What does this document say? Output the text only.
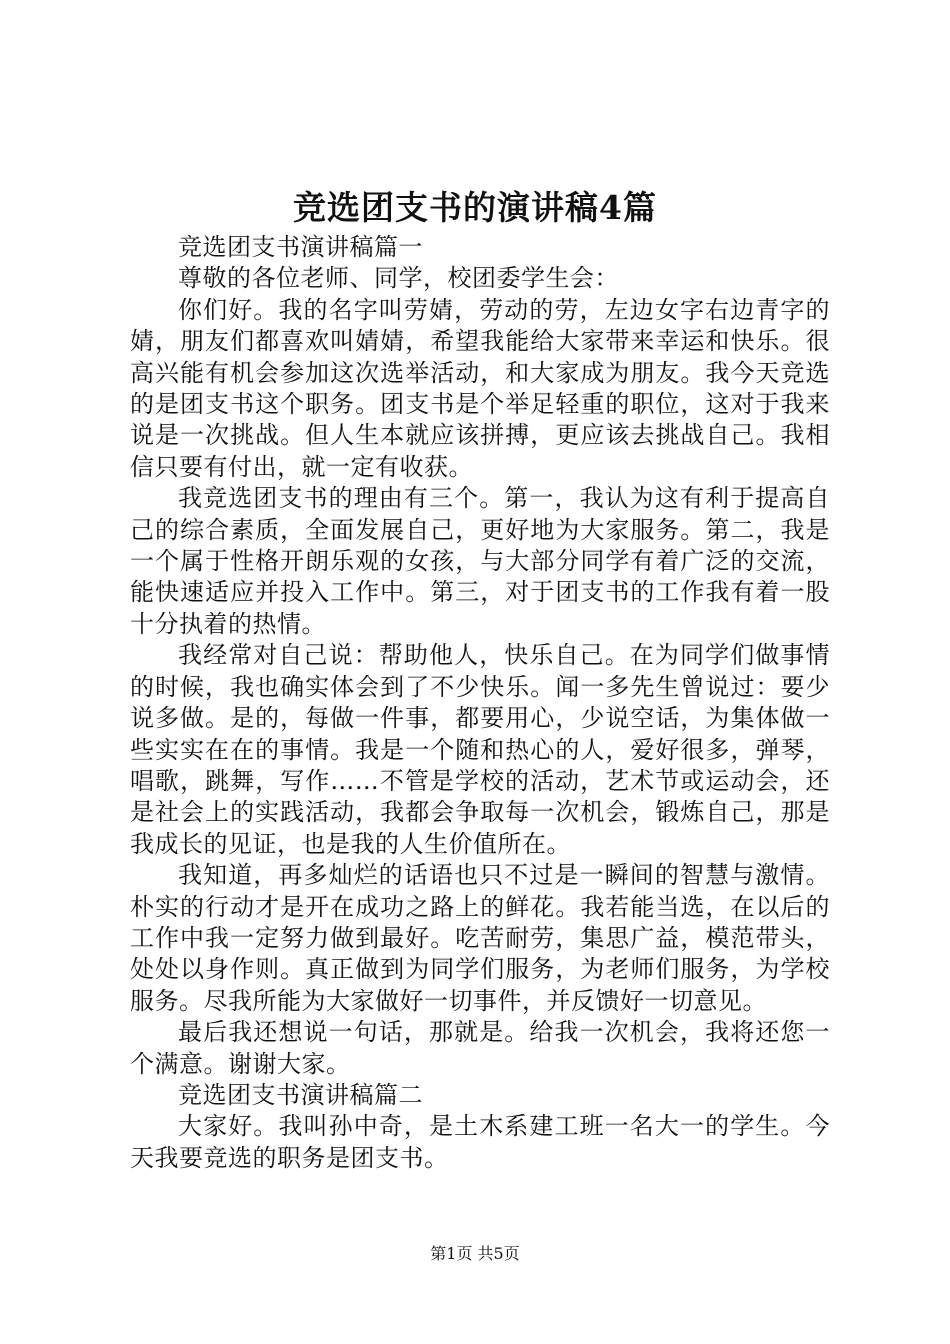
竞选团支书的演讲稿4篇

竞选团支书演讲稿篇一

尊敬的各位老师、同学，校团委学生会：

你们好。我的名字叫劳婧，劳动的劳，左边女字右边青字的婧，朋友们都喜欢叫婧婧，希望我能给大家带来幸运和快乐。很高兴能有机会参加这次选举活动，和大家成为朋友。我今天竞选的是团支书这个职务。团支书是个举足轻重的职位，这对于我来说是一次挑战。但人生本就应该拼搏，更应该去挑战自己。我相信只要有付出，就一定有收获。

我竞选团支书的理由有三个。第一，我认为这有利于提高自己的综合素质，全面发展自己，更好地为大家服务。第二，我是一个属于性格开朗乐观的女孩，与大部分同学有着广泛的交流，能快速适应并投入工作中。第三，对于团支书的工作我有着一股十分执着的热情。

我经常对自己说：帮助他人，快乐自己。在为同学们做事情的时候，我也确实体会到了不少快乐。闻一多先生曾说过：要少说多做。是的，每做一件事，都要用心，少说空话，为集体做一些实实在在的事情。我是一个随和热心的人，爱好很多，弹琴，唱歌，跳舞，写作……不管是学校的活动，艺术节或运动会，还是社会上的实践活动，我都会争取每一次机会，锻炼自己，那是我成长的见证，也是我的人生价值所在。

我知道，再多灿烂的话语也只不过是一瞬间的智慧与激情。朴实的行动才是开在成功之路上的鲜花。我若能当选，在以后的工作中我一定努力做到最好。吃苦耐劳，集思广益，模范带头，处处以身作则。真正做到为同学们服务，为老师们服务，为学校服务。尽我所能为大家做好一切事件，并反馈好一切意见。

最后我还想说一句话，那就是。给我一次机会，我将还您一个满意。谢谢大家。

竞选团支书演讲稿篇二

大家好。我叫孙中奇，是土木系建工班一名大一的学生。今天我要竞选的职务是团支书。

第1页 共5页
